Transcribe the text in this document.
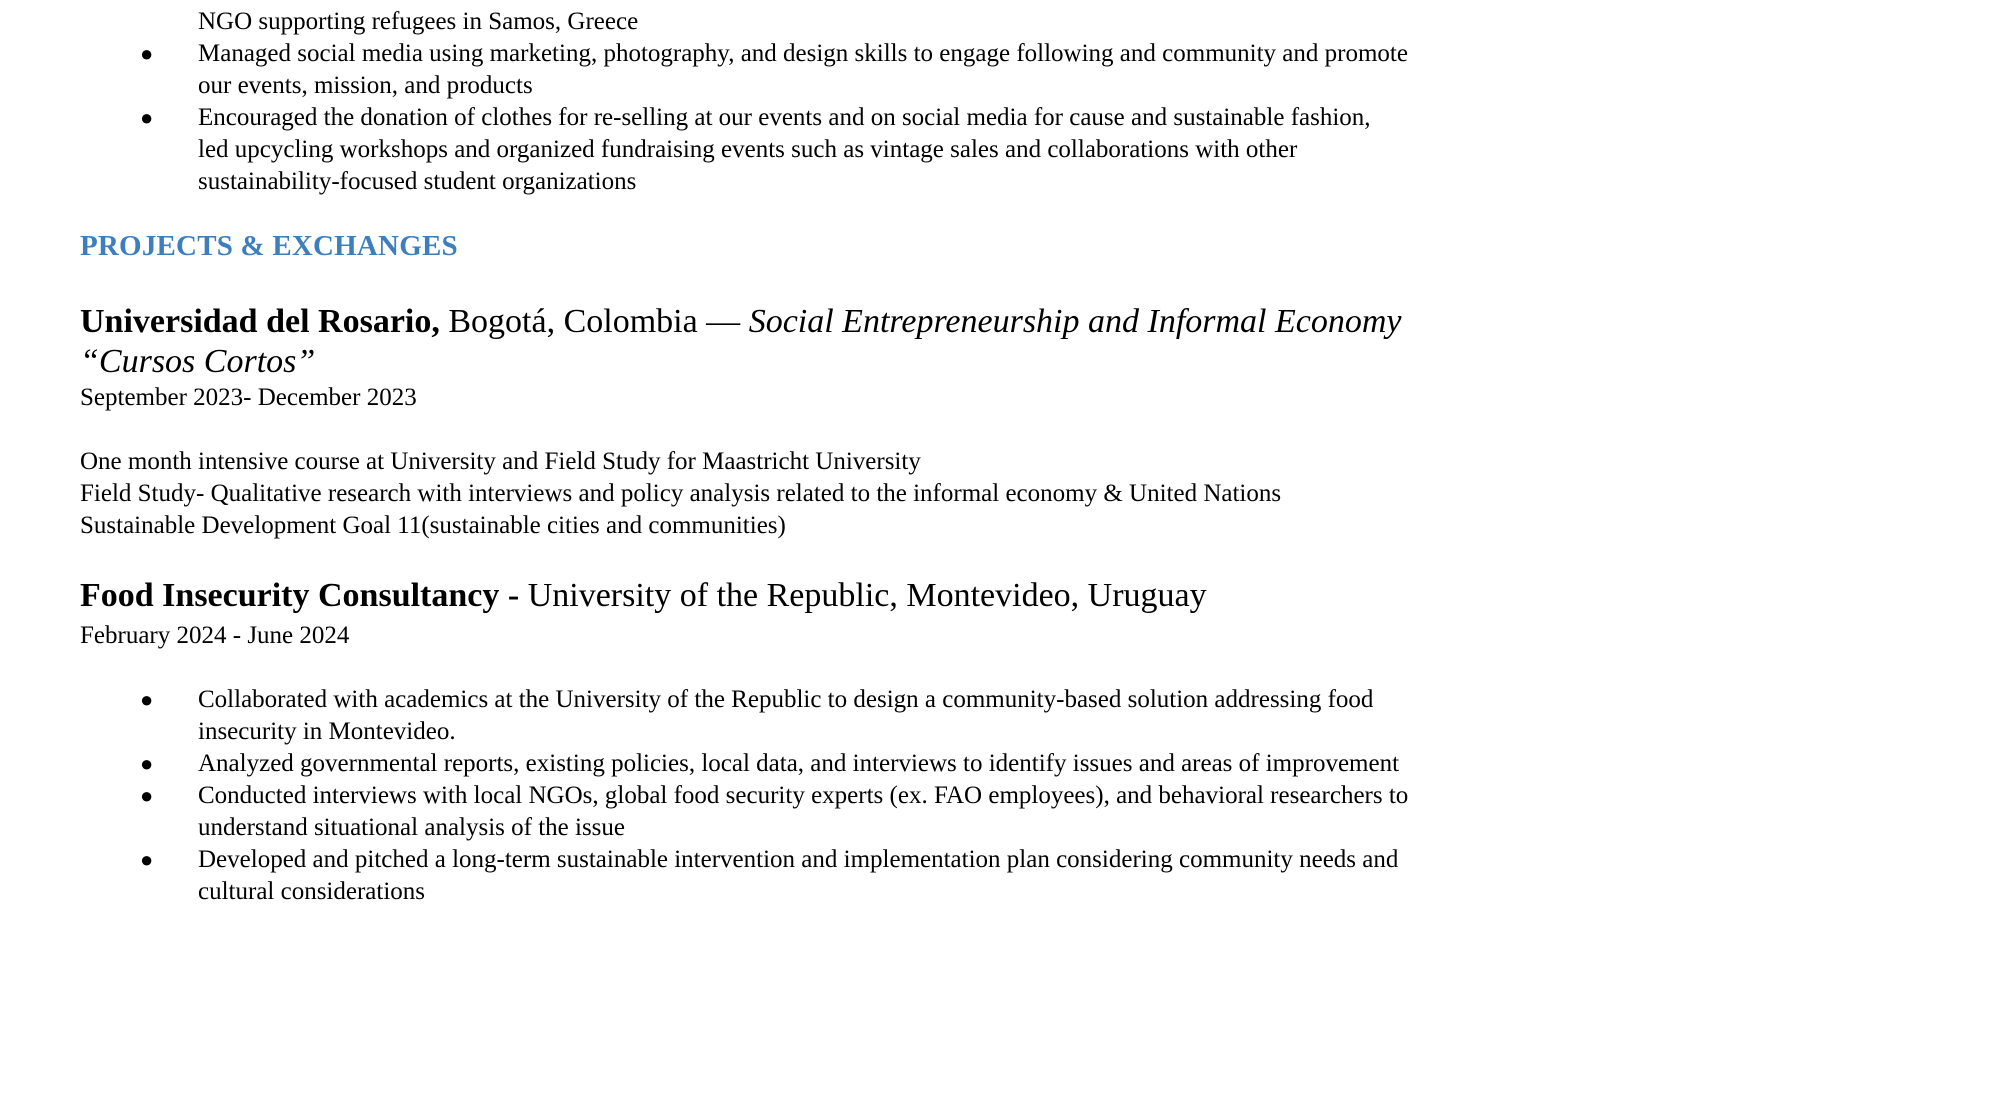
NGO supporting refugees in Samos, Greece
● Managed social media using marketing, photography, and design skills to engage following and community and promote
our events, mission, and products
● Encouraged the donation of clothes for re-selling at our events and on social media for cause and sustainable fashion,
led upcycling workshops and organized fundraising events such as vintage sales and collaborations with other
sustainability-focused student organizations
PROJECTS & EXCHANGES
Universidad del Rosario, Bogotá, Colombia — Social Entrepreneurship and Informal Economy
“Cursos Cortos”
September 2023- December 2023
One month intensive course at University and Field Study for Maastricht University
Field Study- Qualitative research with interviews and policy analysis related to the informal economy & United Nations
Sustainable Development Goal 11(sustainable cities and communities)
Food Insecurity Consultancy - University of the Republic, Montevideo, Uruguay
February 2024 - June 2024
● Collaborated with academics at the University of the Republic to design a community-based solution addressing food
insecurity in Montevideo.
● Analyzed governmental reports, existing policies, local data, and interviews to identify issues and areas of improvement
● Conducted interviews with local NGOs, global food security experts (ex. FAO employees), and behavioral researchers to
understand situational analysis of the issue
● Developed and pitched a long-term sustainable intervention and implementation plan considering community needs and
cultural considerations
